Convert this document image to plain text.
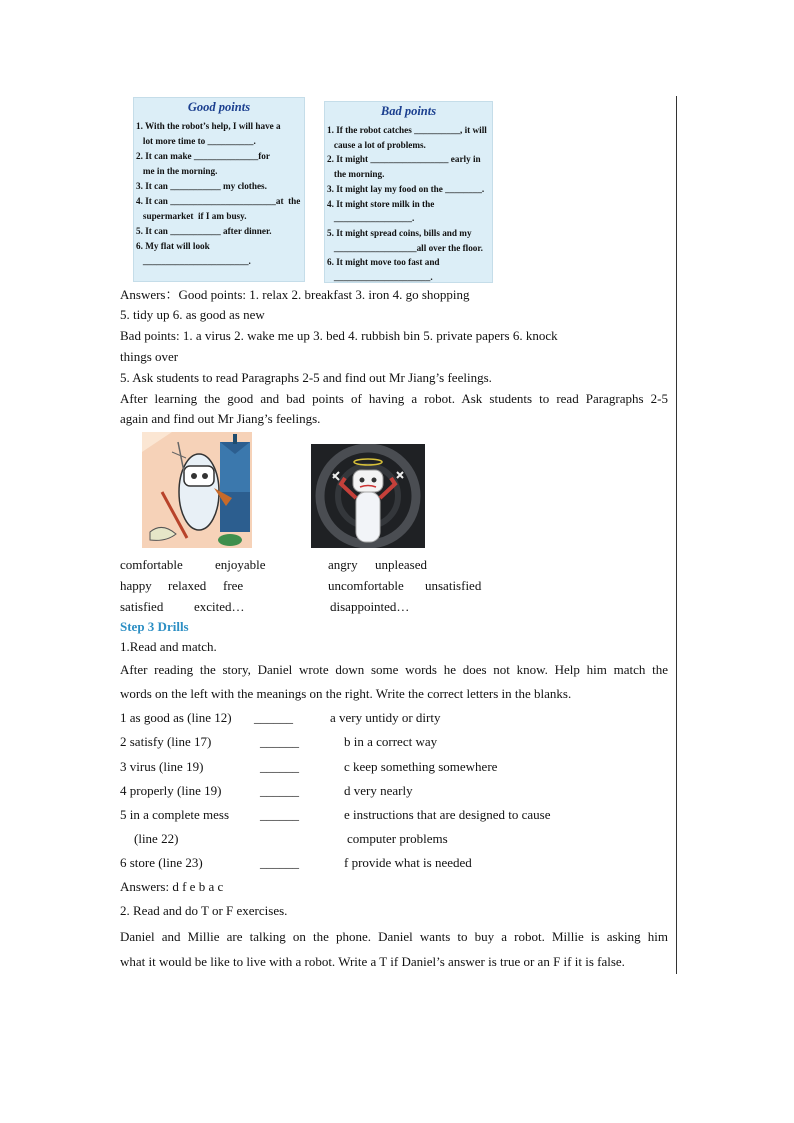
Good points
1. With the robot’s help, I will have a
lot more time to __________.
2. It can make ______________for
me in the morning.
3. It can ___________ my clothes.
4. It can _______________________at  the
supermarket  if I am busy.
5. It can ___________ after dinner.
6. My flat will look
_______________________.
Bad points
1. If the robot catches __________, it will
cause a lot of problems.
2. It might _________________ early in
the morning.
3. It might lay my food on the ________.
4. It might store milk in the
_________________.
5. It might spread coins, bills and my
__________________all over the floor.
6. It might move too fast and
_____________________.
Answers：Good points: 1. relax 2. breakfast 3. iron 4. go shopping
5. tidy up 6. as good as new
Bad points: 1. a virus 2. wake me up 3. bed 4. rubbish bin 5. private papers 6. knock
things over
5. Ask students to read Paragraphs 2-5 and find out Mr Jiang’s feelings.
After learning the good and bad points of having a robot. Ask students to read Paragraphs 2-5
again and find out Mr Jiang’s feelings.
comfortable enjoyable
happy relaxed free
satisfied excited…
angry unpleased
uncomfortable unsatisfied
disappointed…
Step 3 Drills
1.Read and match.
After reading the story, Daniel wrote down some words he does not know. Help him match the
words on the left with the meanings on the right. Write the correct letters in the blanks.
1 as good as (line 12) ______	a very untidy or dirty
2 satisfy (line 17)	______	b in a correct way
3 virus (line 19)	______	c keep something somewhere
4 properly (line 19)	______	d very nearly
5 in a complete mess ______	e instructions that are designed to cause
(line 22)	computer problems
6 store (line 23)	______	f provide what is needed
Answers: d f e b a c
2. Read and do T or F exercises.
Daniel and Millie are talking on the phone. Daniel wants to buy a robot. Millie is asking him
what it would be like to live with a robot. Write a T if Daniel’s answer is true or an F if it is false.
